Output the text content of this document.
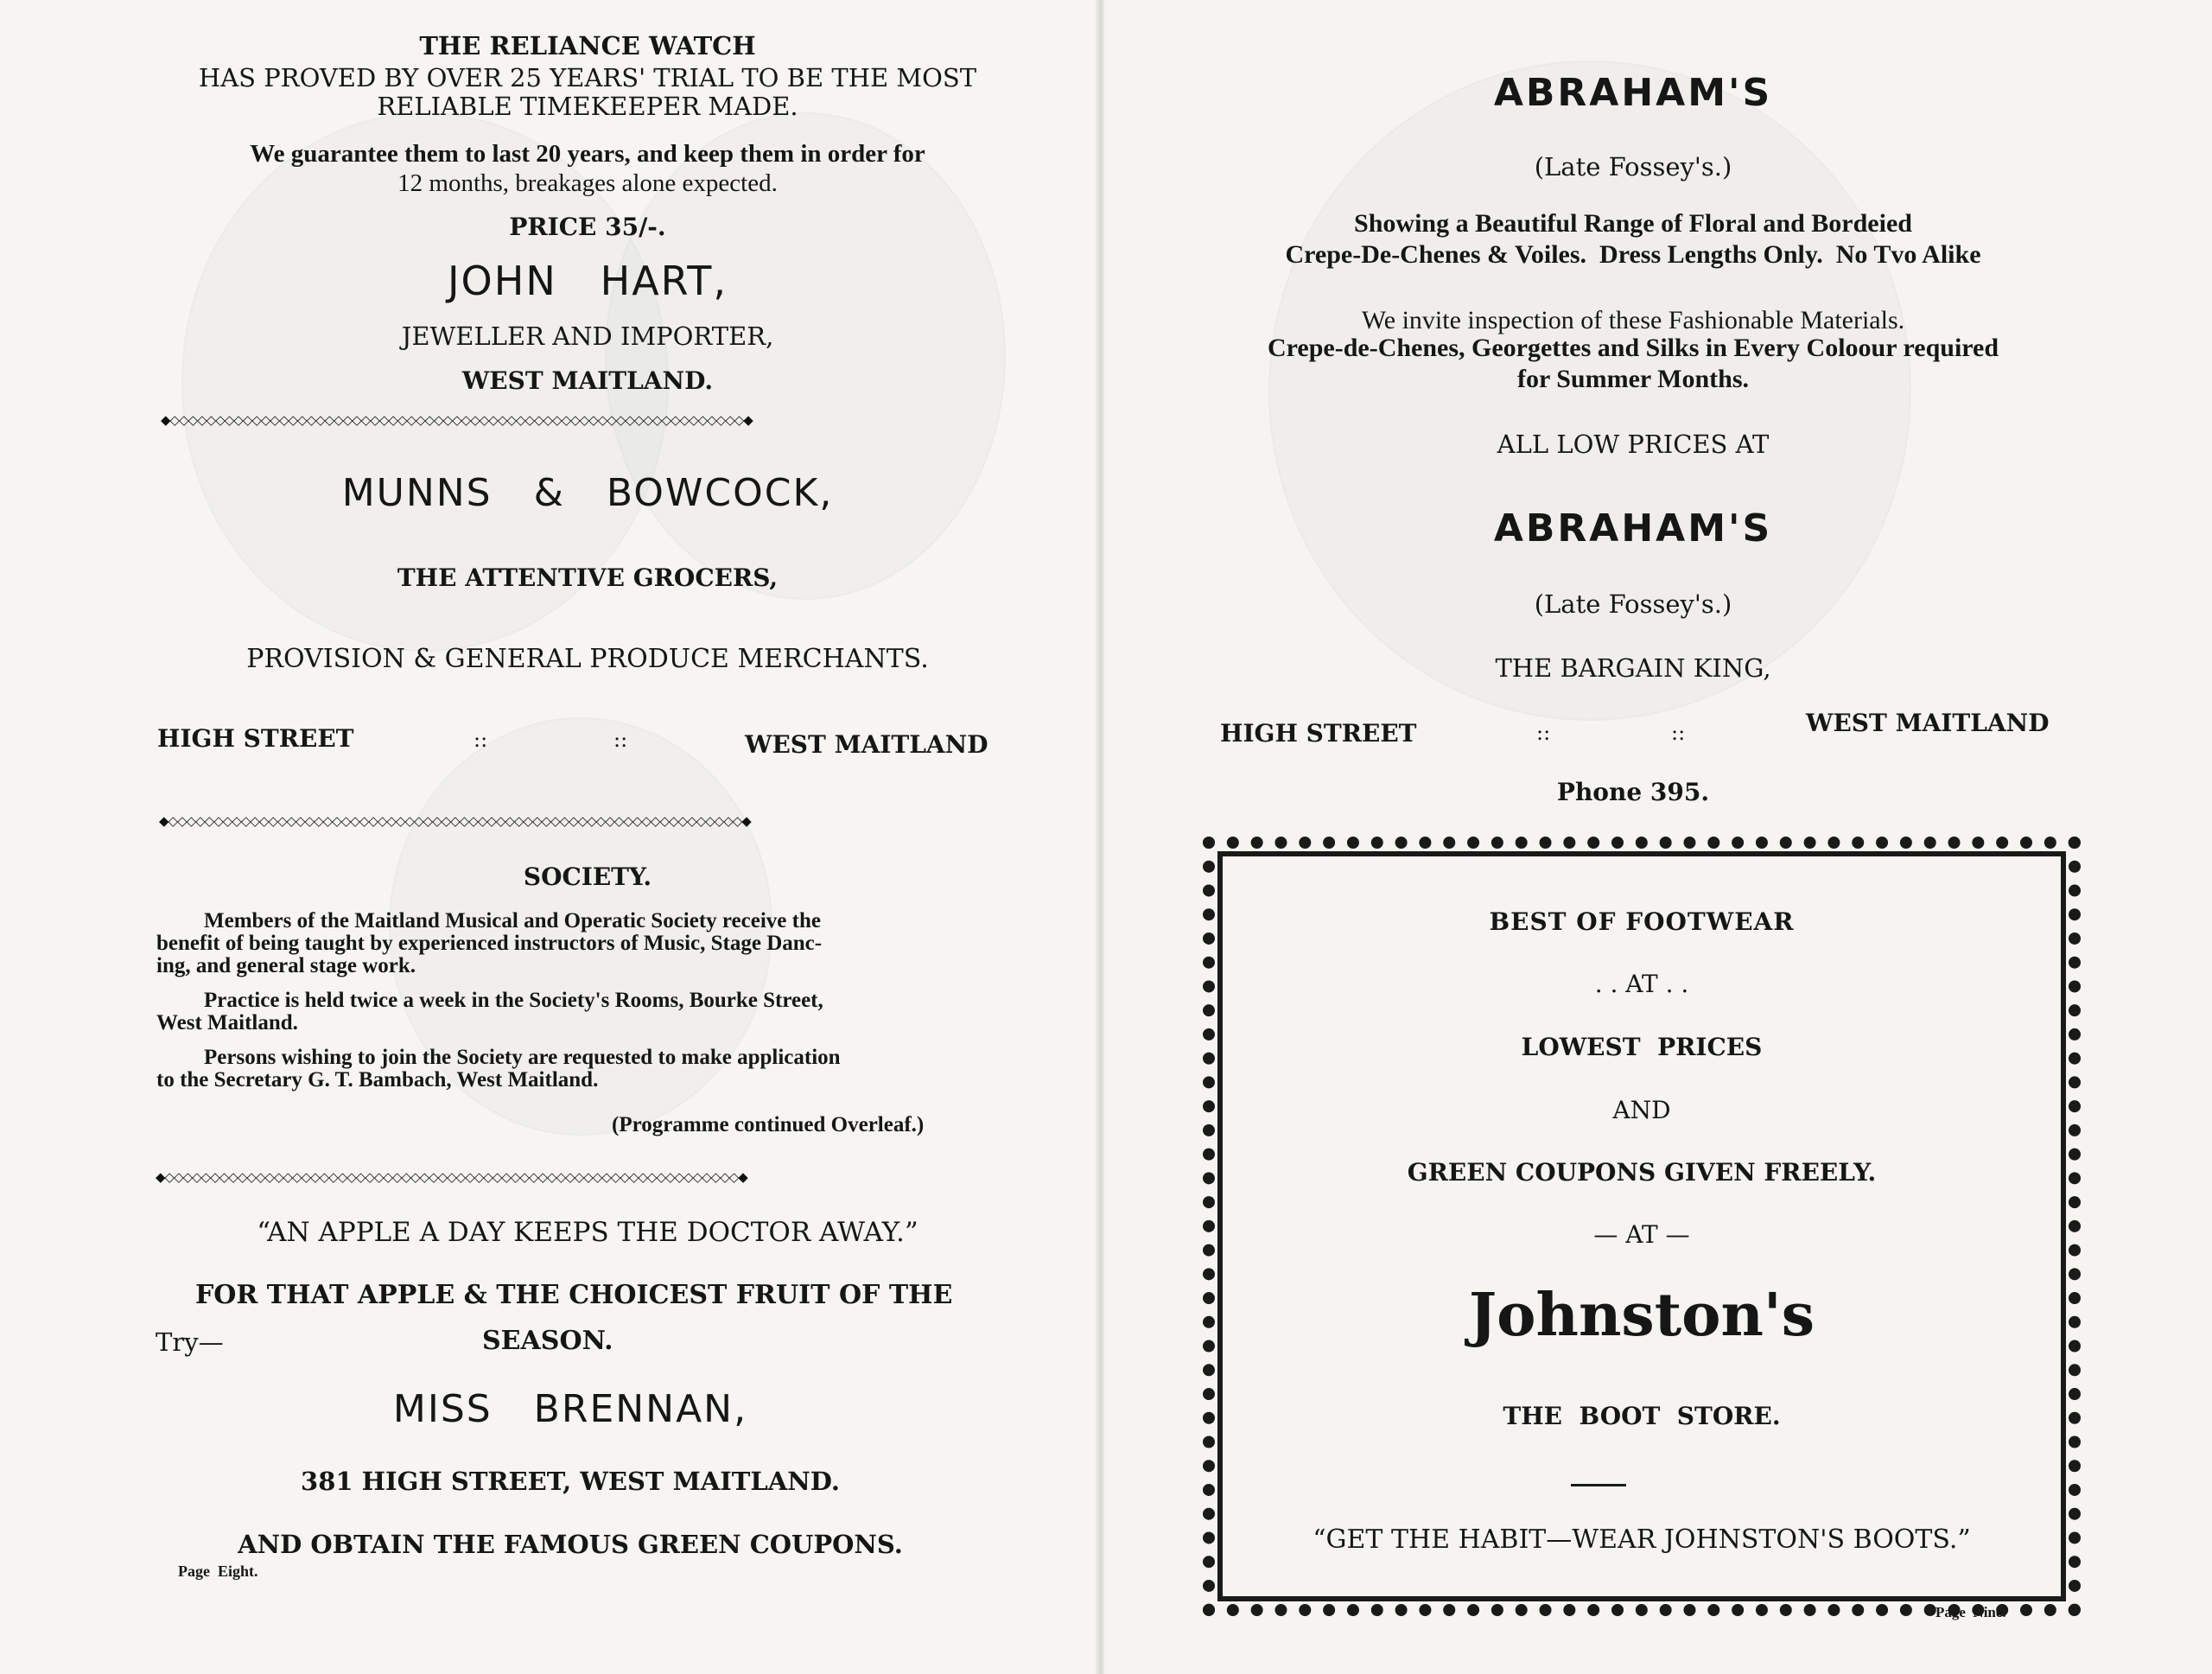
THE RELIANCE WATCH
HAS PROVED BY OVER 25 YEARS' TRIAL TO BE THE MOST
RELIABLE TIMEKEEPER MADE.
We guarantee them to last 20 years, and keep them in order for
12 months, breakages alone expected.
PRICE 35/-.
JOHN   HART,
JEWELLER AND IMPORTER,
WEST MAITLAND.
◆◇◇◇◇◇◇◇◇◇◇◇◇◇◇◇◇◇◇◇◇◇◇◇◇◇◇◇◇◇◇◇◇◇◇◇◇◇◇◇◇◇◇◇◇◇◇◇◇◇◇◇◇◇◇◇◇◇◇◇◇◇◇◇◆
MUNNS   &   BOWCOCK,
THE ATTENTIVE GROCERS,
PROVISION & GENERAL PRODUCE MERCHANTS.
HIGH STREET	::	::	WEST MAITLAND
◆◇◇◇◇◇◇◇◇◇◇◇◇◇◇◇◇◇◇◇◇◇◇◇◇◇◇◇◇◇◇◇◇◇◇◇◇◇◇◇◇◇◇◇◇◇◇◇◇◇◇◇◇◇◇◇◇◇◇◇◇◇◇◇◆
SOCIETY.
Members of the Maitland Musical and Operatic Society receive the
benefit of being taught by experienced instructors of Music, Stage Danc-
ing, and general stage work.
Practice is held twice a week in the Society's Rooms, Bourke Street,
West Maitland.
Persons wishing to join the Society are requested to make application
to the Secretary G. T. Bambach, West Maitland.
(Programme continued Overleaf.)
◆◇◇◇◇◇◇◇◇◇◇◇◇◇◇◇◇◇◇◇◇◇◇◇◇◇◇◇◇◇◇◇◇◇◇◇◇◇◇◇◇◇◇◇◇◇◇◇◇◇◇◇◇◇◇◇◇◇◇◇◇◇◇◇◆
“AN APPLE A DAY KEEPS THE DOCTOR AWAY.”
FOR THAT APPLE & THE CHOICEST FRUIT OF THE
Try—	SEASON.
MISS   BRENNAN,
381 HIGH STREET, WEST MAITLAND.
AND OBTAIN THE FAMOUS GREEN COUPONS.
Page  Eight.
ABRAHAM'S
(Late Fossey's.)
Showing a Beautiful Range of Floral and Bordeied
Crepe-De-Chenes & Voiles.  Dress Lengths Only.  No Tvo Alike
We invite inspection of these Fashionable Materials.
Crepe-de-Chenes, Georgettes and Silks in Every Coloour required
for Summer Months.
ALL LOW PRICES AT
ABRAHAM'S
(Late Fossey's.)
THE BARGAIN KING,
HIGH STREET	::	::	WEST MAITLAND
Phone 395.
BEST OF FOOTWEAR
. . AT . .
LOWEST  PRICES
AND
GREEN COUPONS GIVEN FREELY.
— AT —
Johnston's
THE  BOOT  STORE.
“GET THE HABIT—WEAR JOHNSTON'S BOOTS.”
Page  Nine.
